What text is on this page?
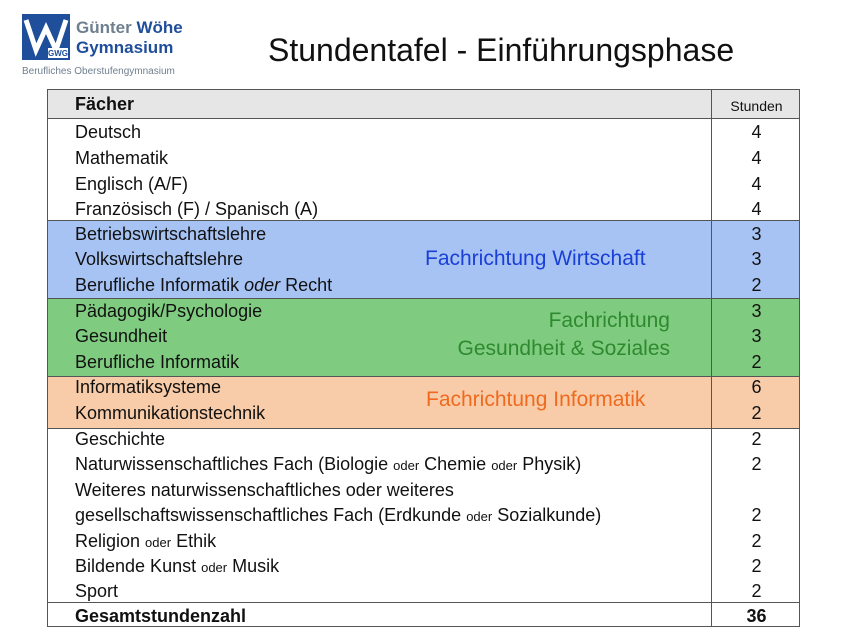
GWG
Günter Wöhe
Gymnasium
Berufliches Oberstufengymnasium
Stundentafel - Einführungsphase
Fächer	Stunden
Deutsch	4
Mathematik	4
Englisch (A/F)	4
Französisch (F) / Spanisch (A)	4
Betriebswirtschaftslehre	3
Volkswirtschaftslehre	3
Berufliche Informatik oder Recht	2
Fachrichtung Wirtschaft
Pädagogik/Psychologie	3
Gesundheit	3
Berufliche Informatik	2
Fachrichtung
Gesundheit & Soziales
Informatiksysteme	6
Kommunikationstechnik	2
Fachrichtung Informatik
Geschichte	2
Naturwissenschaftliches Fach (Biologie oder Chemie oder Physik)	2
Weiteres naturwissenschaftliches oder weiteres
gesellschaftswissenschaftliches Fach (Erdkunde oder Sozialkunde)	2
Religion oder Ethik	2
Bildende Kunst oder Musik	2
Sport	2
Gesamtstundenzahl	36
